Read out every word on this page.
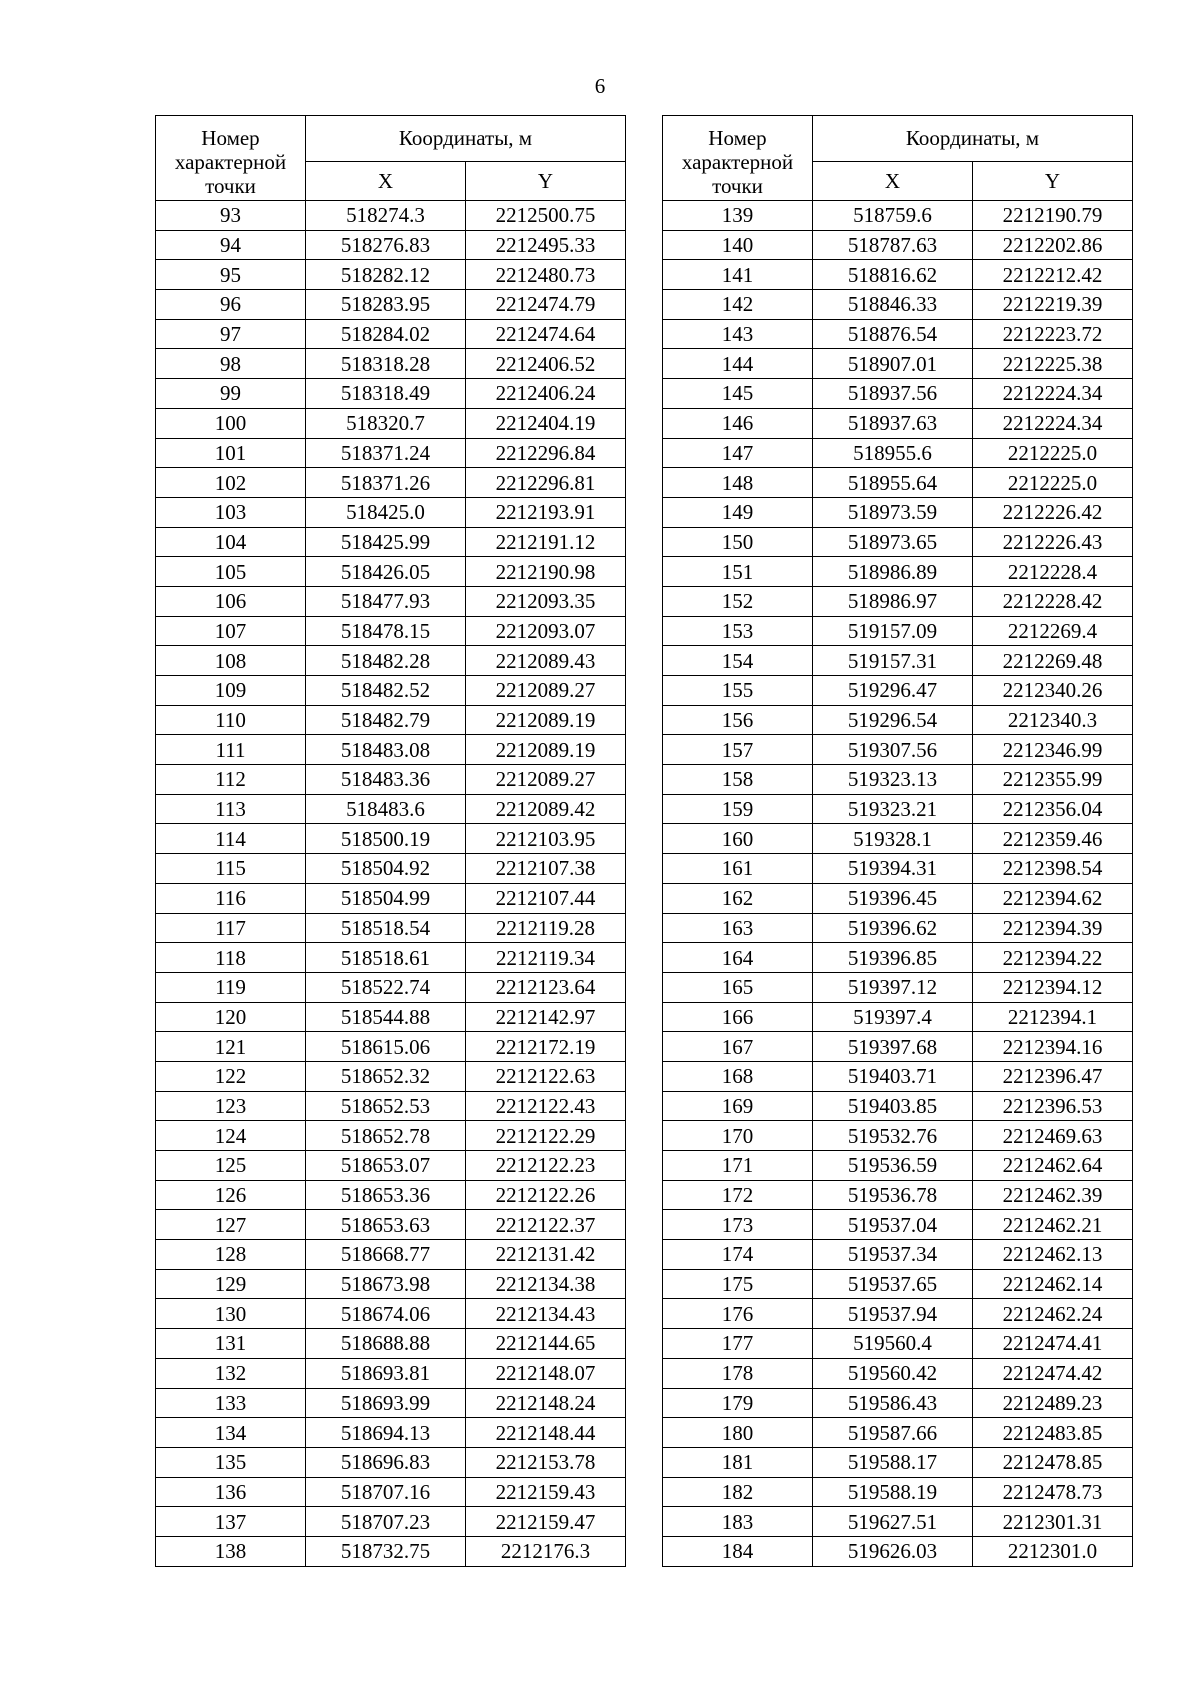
6
Номер характерной точки	Координаты, м	
	X	Y
93	518274.3	2212500.75
94	518276.83	2212495.33
95	518282.12	2212480.73
96	518283.95	2212474.79
97	518284.02	2212474.64
98	518318.28	2212406.52
99	518318.49	2212406.24
100	518320.7	2212404.19
101	518371.24	2212296.84
102	518371.26	2212296.81
103	518425.0	2212193.91
104	518425.99	2212191.12
105	518426.05	2212190.98
106	518477.93	2212093.35
107	518478.15	2212093.07
108	518482.28	2212089.43
109	518482.52	2212089.27
110	518482.79	2212089.19
111	518483.08	2212089.19
112	518483.36	2212089.27
113	518483.6	2212089.42
114	518500.19	2212103.95
115	518504.92	2212107.38
116	518504.99	2212107.44
117	518518.54	2212119.28
118	518518.61	2212119.34
119	518522.74	2212123.64
120	518544.88	2212142.97
121	518615.06	2212172.19
122	518652.32	2212122.63
123	518652.53	2212122.43
124	518652.78	2212122.29
125	518653.07	2212122.23
126	518653.36	2212122.26
127	518653.63	2212122.37
128	518668.77	2212131.42
129	518673.98	2212134.38
130	518674.06	2212134.43
131	518688.88	2212144.65
132	518693.81	2212148.07
133	518693.99	2212148.24
134	518694.13	2212148.44
135	518696.83	2212153.78
136	518707.16	2212159.43
137	518707.23	2212159.47
138	518732.75	2212176.3
Номер характерной точки	Координаты, м	
	X	Y
139	518759.6	2212190.79
140	518787.63	2212202.86
141	518816.62	2212212.42
142	518846.33	2212219.39
143	518876.54	2212223.72
144	518907.01	2212225.38
145	518937.56	2212224.34
146	518937.63	2212224.34
147	518955.6	2212225.0
148	518955.64	2212225.0
149	518973.59	2212226.42
150	518973.65	2212226.43
151	518986.89	2212228.4
152	518986.97	2212228.42
153	519157.09	2212269.4
154	519157.31	2212269.48
155	519296.47	2212340.26
156	519296.54	2212340.3
157	519307.56	2212346.99
158	519323.13	2212355.99
159	519323.21	2212356.04
160	519328.1	2212359.46
161	519394.31	2212398.54
162	519396.45	2212394.62
163	519396.62	2212394.39
164	519396.85	2212394.22
165	519397.12	2212394.12
166	519397.4	2212394.1
167	519397.68	2212394.16
168	519403.71	2212396.47
169	519403.85	2212396.53
170	519532.76	2212469.63
171	519536.59	2212462.64
172	519536.78	2212462.39
173	519537.04	2212462.21
174	519537.34	2212462.13
175	519537.65	2212462.14
176	519537.94	2212462.24
177	519560.4	2212474.41
178	519560.42	2212474.42
179	519586.43	2212489.23
180	519587.66	2212483.85
181	519588.17	2212478.85
182	519588.19	2212478.73
183	519627.51	2212301.31
184	519626.03	2212301.0
